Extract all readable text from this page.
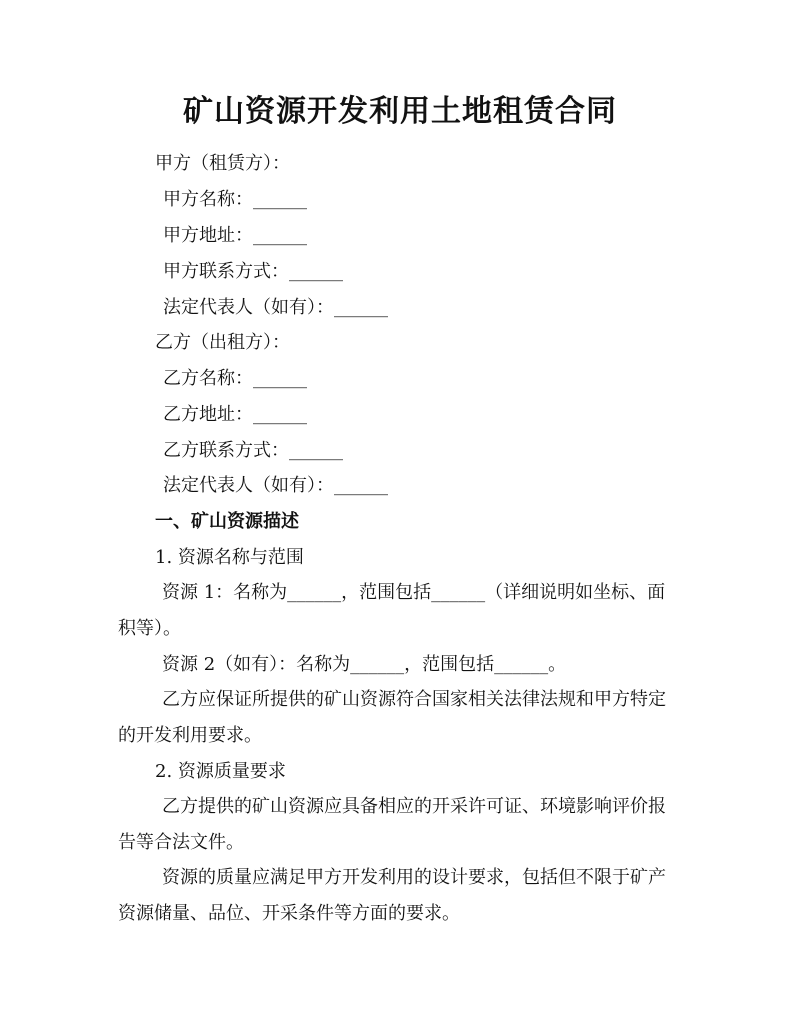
矿山资源开发利用土地租赁合同

甲方（租赁方）：

甲方名称：______

甲方地址：______

甲方联系方式：______

法定代表人（如有）：______

乙方（出租方）：

乙方名称：______

乙方地址：______

乙方联系方式：______

法定代表人（如有）：______

一、矿山资源描述

1. 资源名称与范围

资源 1：名称为______，范围包括______（详细说明如坐标、面积等）。

资源 2（如有）：名称为______，范围包括______。

乙方应保证所提供的矿山资源符合国家相关法律法规和甲方特定的开发利用要求。

2. 资源质量要求

乙方提供的矿山资源应具备相应的开采许可证、环境影响评价报告等合法文件。

资源的质量应满足甲方开发利用的设计要求，包括但不限于矿产资源储量、品位、开采条件等方面的要求。
